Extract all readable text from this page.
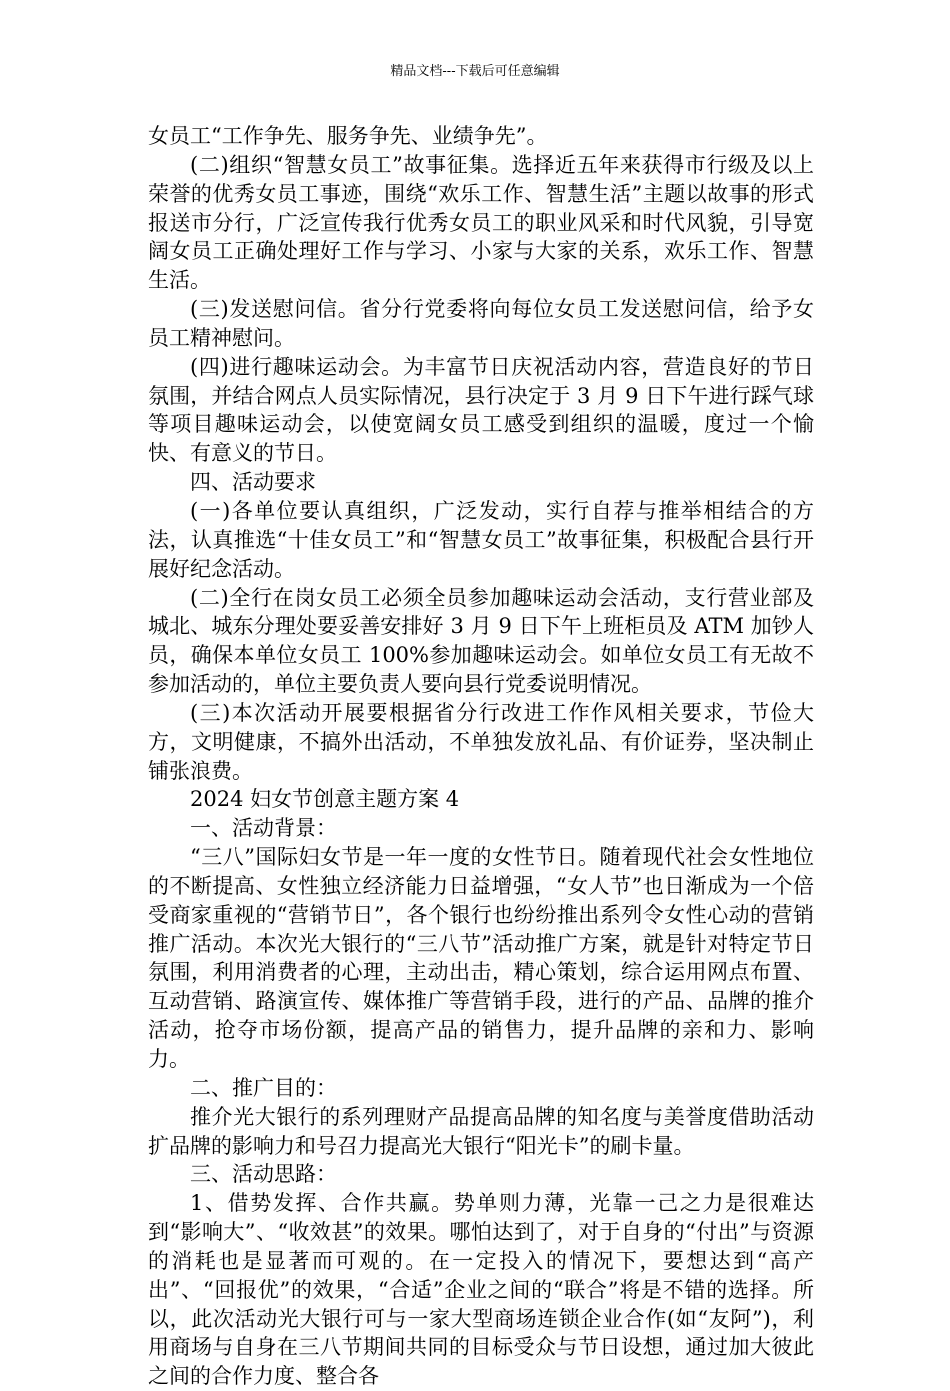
精品文档---下载后可任意编辑

女员工“工作争先、服务争先、业绩争先”。

(二)组织“智慧女员工”故事征集。选择近五年来获得市行级及以上荣誉的优秀女员工事迹，围绕“欢乐工作、智慧生活”主题以故事的形式报送市分行，广泛宣传我行优秀女员工的职业风采和时代风貌，引导宽阔女员工正确处理好工作与学习、小家与大家的关系，欢乐工作、智慧生活。

(三)发送慰问信。省分行党委将向每位女员工发送慰问信，给予女员工精神慰问。

(四)进行趣味运动会。为丰富节日庆祝活动内容，营造良好的节日氛围，并结合网点人员实际情况，县行决定于 3 月 9 日下午进行踩气球等项目趣味运动会，以使宽阔女员工感受到组织的温暖，度过一个愉快、有意义的节日。

四、活动要求

(一)各单位要认真组织，广泛发动，实行自荐与推举相结合的方法，认真推选“十佳女员工”和“智慧女员工”故事征集，积极配合县行开展好纪念活动。

(二)全行在岗女员工必须全员参加趣味运动会活动，支行营业部及城北、城东分理处要妥善安排好 3 月 9 日下午上班柜员及 ATM 加钞人员，确保本单位女员工 100%参加趣味运动会。如单位女员工有无故不参加活动的，单位主要负责人要向县行党委说明情况。

(三)本次活动开展要根据省分行改进工作作风相关要求，节俭大方，文明健康，不搞外出活动，不单独发放礼品、有价证券，坚决制止铺张浪费。

2024 妇女节创意主题方案 4

一、活动背景：

“三八”国际妇女节是一年一度的女性节日。随着现代社会女性地位的不断提高、女性独立经济能力日益增强，“女人节”也日渐成为一个倍受商家重视的“营销节日”，各个银行也纷纷推出系列令女性心动的营销推广活动。本次光大银行的“三八节”活动推广方案，就是针对特定节日氛围，利用消费者的心理，主动出击，精心策划，综合运用网点布置、互动营销、路演宣传、媒体推广等营销手段，进行的产品、品牌的推介活动，抢夺市场份额，提高产品的销售力，提升品牌的亲和力、影响力。

二、推广目的：

推介光大银行的系列理财产品提高品牌的知名度与美誉度借助活动扩品牌的影响力和号召力提高光大银行“阳光卡”的刷卡量。

三、活动思路：

1、借势发挥、合作共赢。势单则力薄，光靠一己之力是很难达到“影响大”、“收效甚”的效果。哪怕达到了，对于自身的“付出”与资源的消耗也是显著而可观的。在一定投入的情况下，要想达到“高产出”、“回报优”的效果，“合适”企业之间的“联合”将是不错的选择。所以，此次活动光大银行可与一家大型商场连锁企业合作(如“友阿”)，利用商场与自身在三八节期间共同的目标受众与节日设想，通过加大彼此之间的合作力度、整合各
